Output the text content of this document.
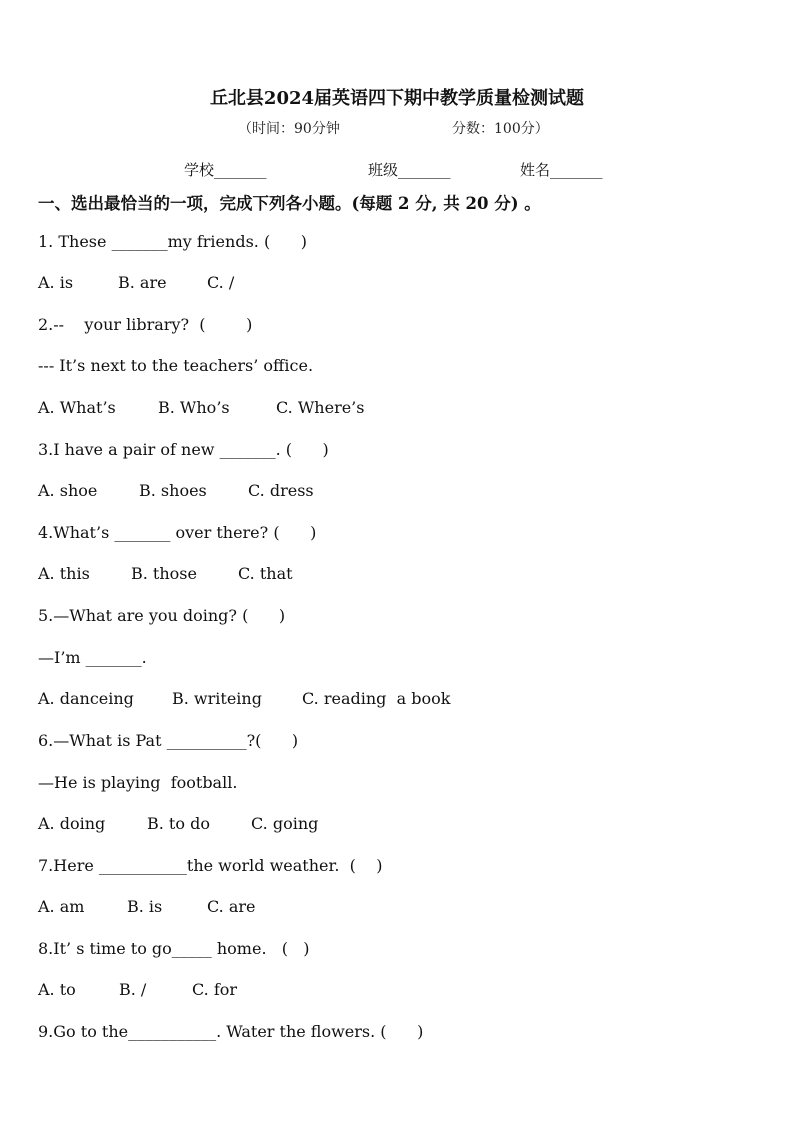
丘北县2024届英语四下期中教学质量检测试题
（时间：90分钟	分数：100分）
学校_______	班级_______	姓名_______
一、选出最恰当的一项，完成下列各小题。(每题 2 分, 共 20 分) 。
1. These _______my friends. (      )
A. is	B. are	C. /
2.--    your library?  (        )
--- It’s next to the teachers’ office.
A. What’s	B. Who’s	C. Where’s
3.I have a pair of new _______. (      )
A. shoe	B. shoes	C. dress
4.What’s _______ over there? (      )
A. this	B. those	C. that
5.—What are you doing? (      )
—I’m _______.
A. danceing B. writeing	C. reading  a book
6.—What is Pat __________?(      )
—He is playing  football.
A. doing	B. to do	C. going
7.Here ___________the world weather.  (    )
A. am	B. is	C. are
8.It’ s time to go_____ home.   (   )
A. to	B. /	C. for
9.Go to the___________. Water the flowers. (      )
